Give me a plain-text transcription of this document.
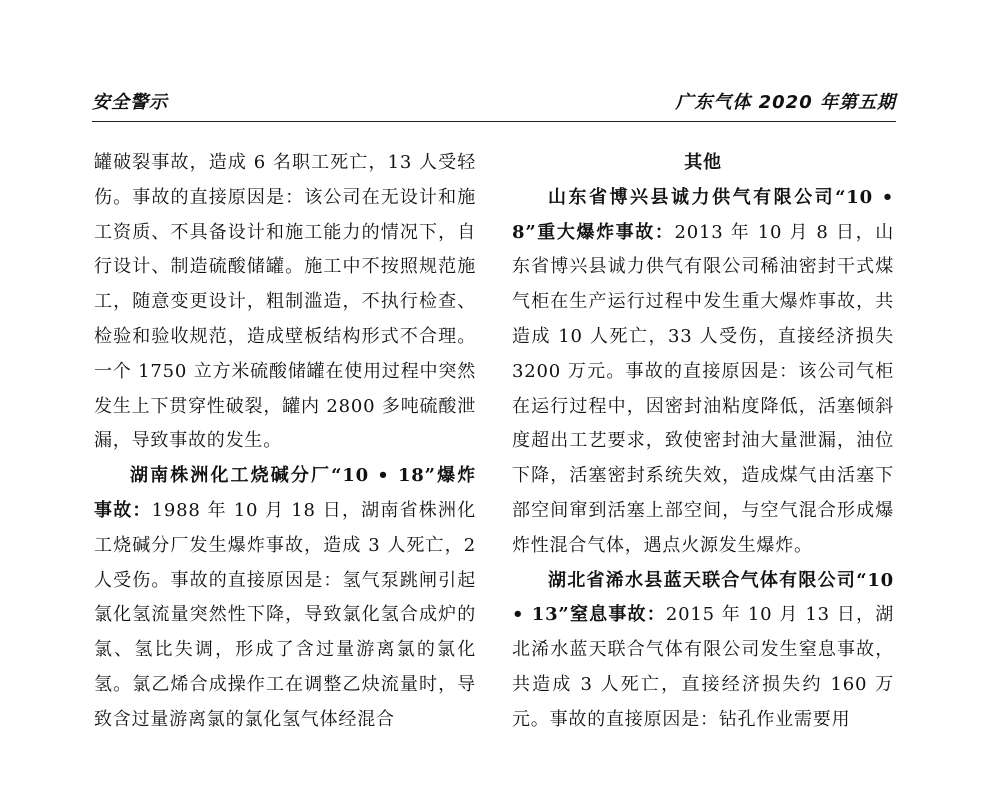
安全警示	广东气体 2020 年第五期

罐破裂事故，造成 6 名职工死亡，13 人受轻伤。事故的直接原因是：该公司在无设计和施工资质、不具备设计和施工能力的情况下，自行设计、制造硫酸储罐。施工中不按照规范施工，随意变更设计，粗制滥造，不执行检查、检验和验收规范，造成壁板结构形式不合理。一个 1750 立方米硫酸储罐在使用过程中突然发生上下贯穿性破裂，罐内 2800 多吨硫酸泄漏，导致事故的发生。

湖南株洲化工烧碱分厂“10 • 18”爆炸事故：1988 年 10 月 18 日，湖南省株洲化工烧碱分厂发生爆炸事故，造成 3 人死亡，2 人受伤。事故的直接原因是：氢气泵跳闸引起氯化氢流量突然性下降，导致氯化氢合成炉的氯、氢比失调，形成了含过量游离氯的氯化氢。氯乙烯合成操作工在调整乙炔流量时，导致含过量游离氯的氯化氢气体经混合

其他

山东省博兴县诚力供气有限公司“10 •8”重大爆炸事故：2013 年 10 月 8 日，山东省博兴县诚力供气有限公司稀油密封干式煤气柜在生产运行过程中发生重大爆炸事故，共造成 10 人死亡，33 人受伤，直接经济损失 3200 万元。事故的直接原因是：该公司气柜在运行过程中，因密封油粘度降低，活塞倾斜度超出工艺要求，致使密封油大量泄漏，油位下降，活塞密封系统失效，造成煤气由活塞下部空间窜到活塞上部空间，与空气混合形成爆炸性混合气体，遇点火源发生爆炸。

湖北省浠水县蓝天联合气体有限公司“10 • 13”窒息事故：2015 年 10 月 13 日，湖北浠水蓝天联合气体有限公司发生窒息事故，共造成 3 人死亡，直接经济损失约 160 万元。事故的直接原因是：钻孔作业需要用
